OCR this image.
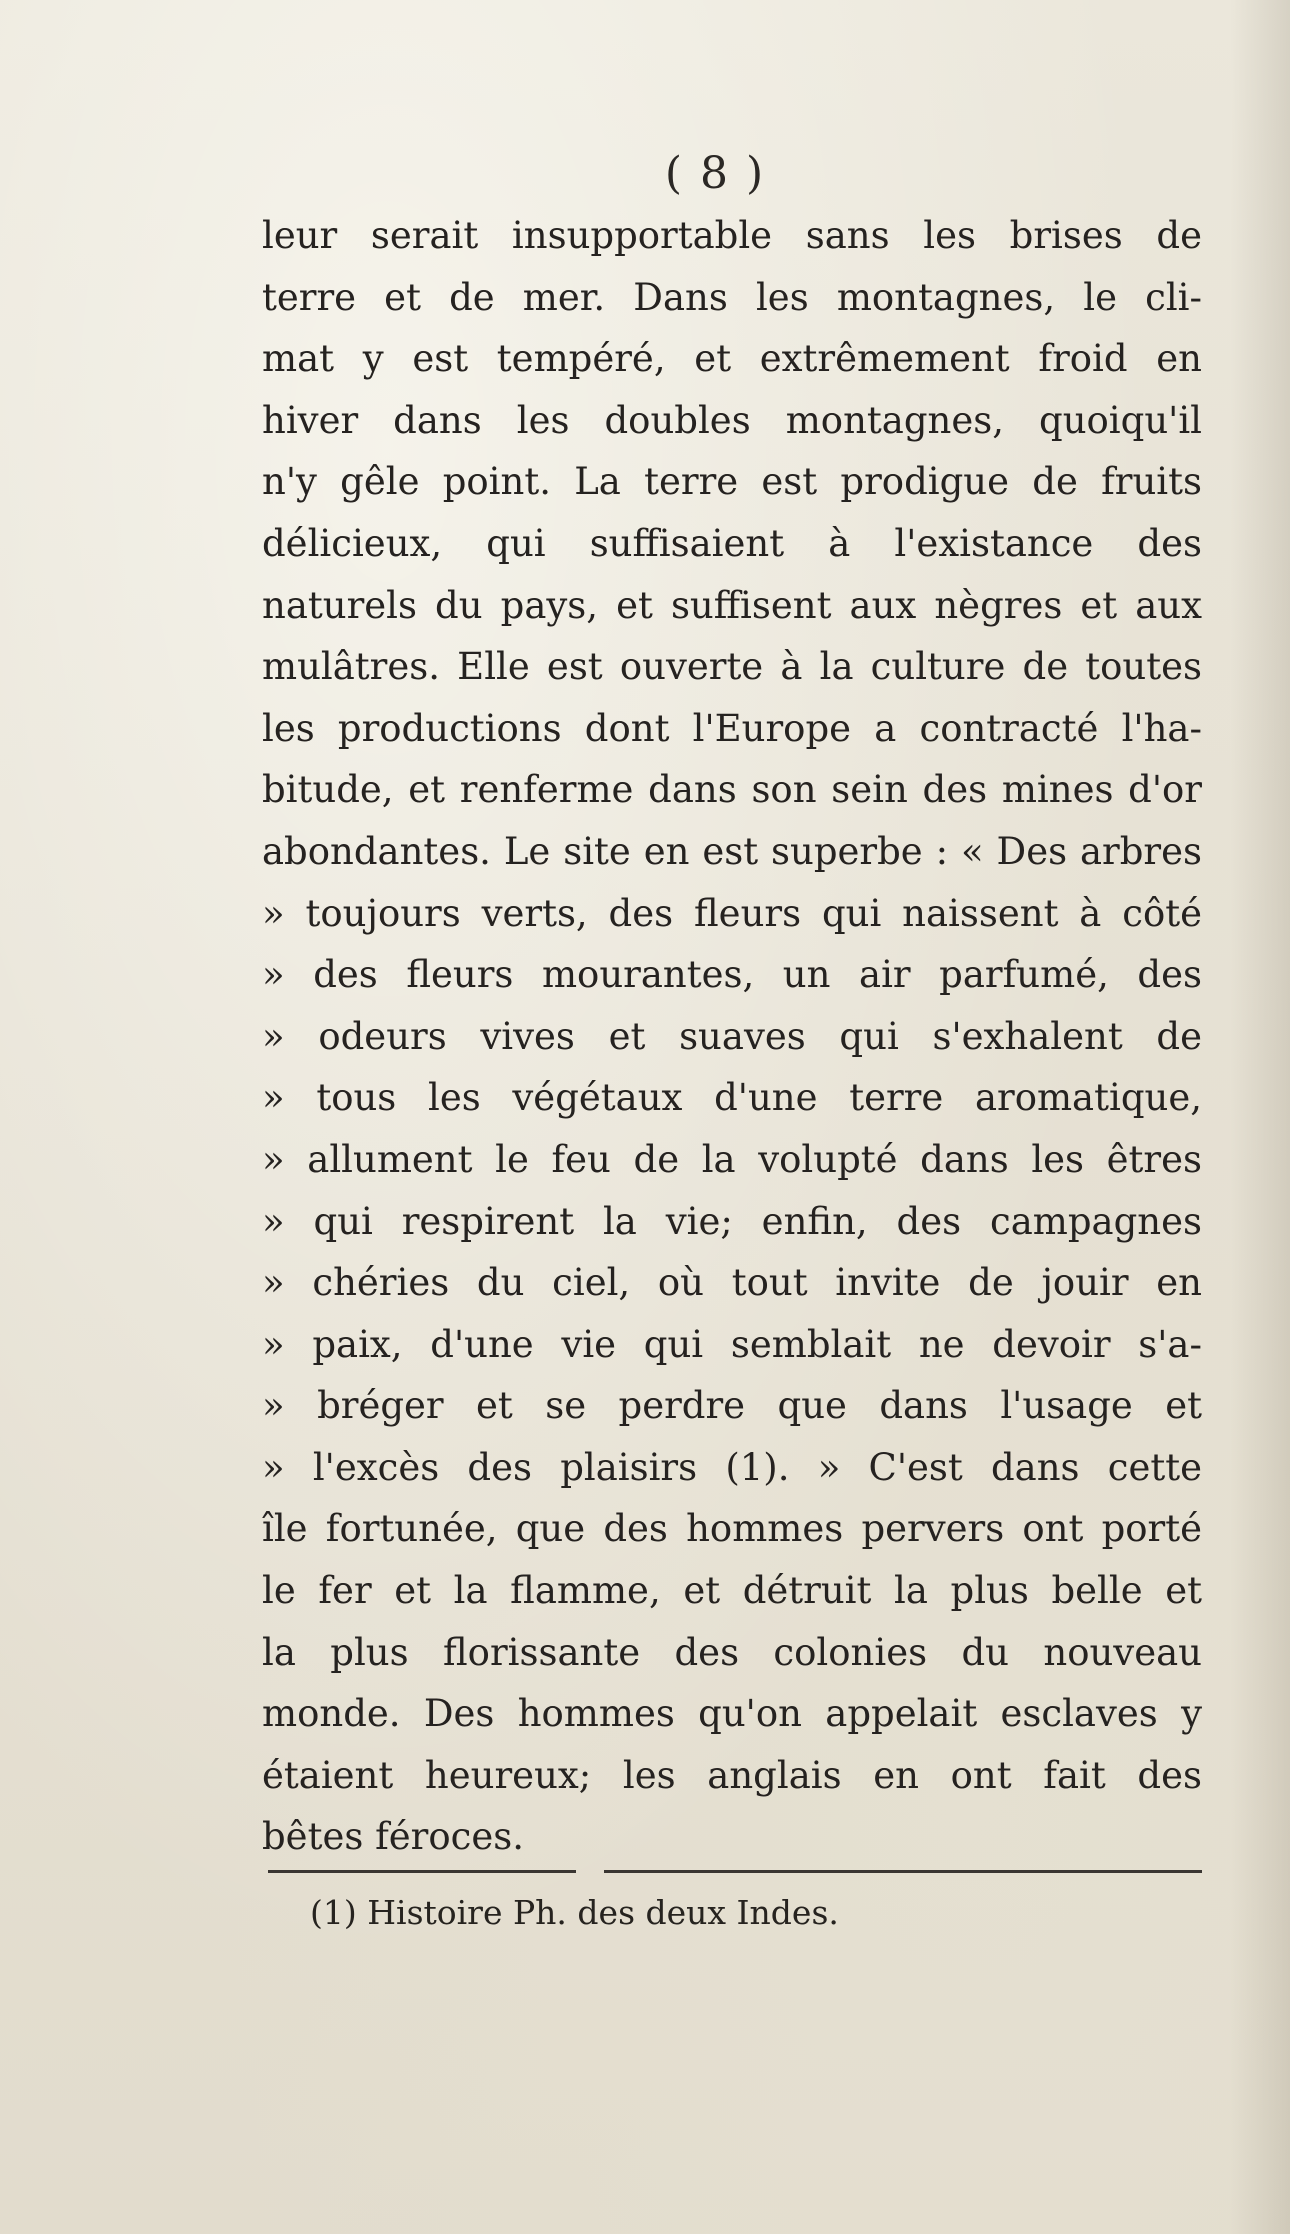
( 8 )
leur serait insupportable sans les brises de
terre et de mer. Dans les montagnes, le cli-
mat y est tempéré, et extrêmement froid en
hiver dans les doubles montagnes, quoiqu'il
n'y gêle point. La terre est prodigue de fruits
délicieux, qui suffisaient à l'existance des
naturels du pays, et suffisent aux nègres et aux
mulâtres. Elle est ouverte à la culture de toutes
les productions dont l'Europe a contracté l'ha-
bitude, et renferme dans son sein des mines d'or
abondantes. Le site en est superbe : « Des arbres
» toujours verts, des fleurs qui naissent à côté
» des fleurs mourantes, un air parfumé, des
» odeurs vives et suaves qui s'exhalent de
» tous les végétaux d'une terre aromatique,
» allument le feu de la volupté dans les êtres
» qui respirent la vie; enfin, des campagnes
» chéries du ciel, où tout invite de jouir en
» paix, d'une vie qui semblait ne devoir s'a-
» bréger et se perdre que dans l'usage et
» l'excès des plaisirs (1). » C'est dans cette
île fortunée, que des hommes pervers ont porté
le fer et la flamme, et détruit la plus belle et
la plus florissante des colonies du nouveau
monde. Des hommes qu'on appelait esclaves y
étaient heureux; les anglais en ont fait des
bêtes féroces.
(1) Histoire Ph. des deux Indes.
